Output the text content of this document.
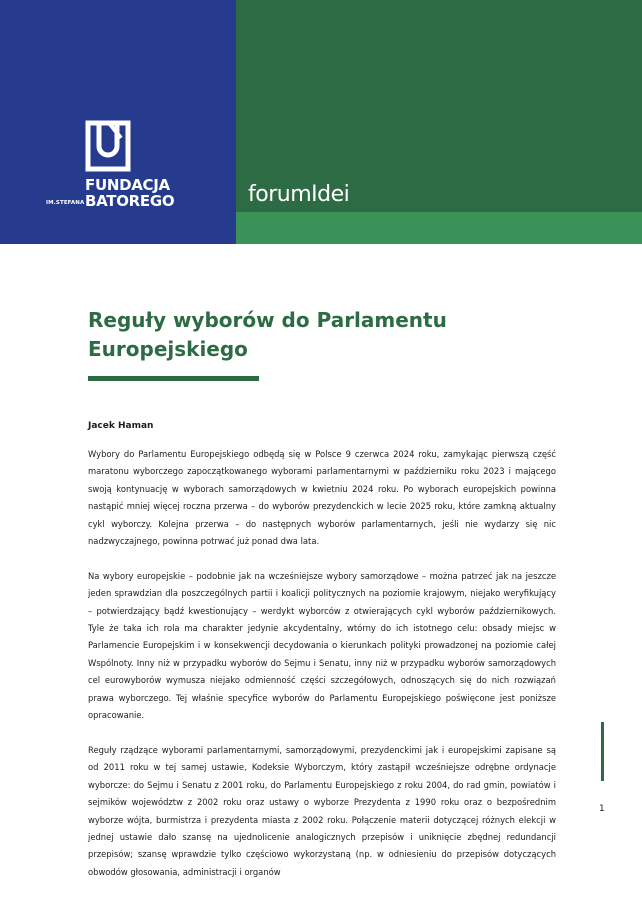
FUNDACJA
IM.STEFANA BATOREGO	forumIdei
Reguły wyborów do Parlamentu Europejskiego
Jacek Haman

Wybory do Parlamentu Europejskiego odbędą się w Polsce 9 czerwca 2024 roku, zamykając pierwszą część maratonu wyborczego zapoczątkowanego wyborami parlamentarnymi w październiku roku 2023 i mającego swoją kontynuację w wyborach samorządowych w kwietniu 2024 roku. Po wyborach europejskich powinna nastąpić mniej więcej roczna przerwa – do wyborów prezydenckich w lecie 2025 roku, które zamkną aktualny cykl wyborczy. Kolejna przerwa – do następnych wyborów parlamentarnych, jeśli nie wydarzy się nic nadzwyczajnego, powinna potrwać już ponad dwa lata.

Na wybory europejskie – podobnie jak na wcześniejsze wybory samorządowe – można patrzeć jak na jeszcze jeden sprawdzian dla poszczególnych partii i koalicji politycznych na poziomie krajowym, niejako weryfikujący – potwierdzający bądź kwestionujący – werdykt wyborców z otwierających cykl wyborów październikowych. Tyle że taka ich rola ma charakter jedynie akcydentalny, wtórny do ich istotnego celu: obsady miejsc w Parlamencie Europejskim i w konsekwencji decydowania o kierunkach polityki prowadzonej na poziomie całej Wspólnoty. Inny niż w przypadku wyborów do Sejmu i Senatu, inny niż w przypadku wyborów samorządowych cel eurowyborów wymusza niejako odmienność części szczegółowych, odnoszących się do nich rozwiązań prawa wyborczego. Tej właśnie specyfice wyborów do Parlamentu Europejskiego poświęcone jest poniższe opracowanie.

Reguły rządzące wyborami parlamentarnymi, samorządowymi, prezydenckimi jak i europejskimi zapisane są od 2011 roku w tej samej ustawie, Kodeksie Wyborczym, który zastąpił wcześniejsze odrębne ordynacje wyborcze: do Sejmu i Senatu z 2001 roku, do Parlamentu Europejskiego z roku 2004, do rad gmin, powiatów i sejmików województw z 2002 roku oraz ustawy o wyborze Prezydenta z 1990 roku oraz o bezpośrednim wyborze wójta, burmistrza i prezydenta miasta z 2002 roku. Połączenie materii dotyczącej różnych elekcji w jednej ustawie dało szansę na ujednolicenie analogicznych przepisów i uniknięcie zbędnej redundancji przepisów; szansę wprawdzie tylko częściowo wykorzystaną (np. w odniesieniu do przepisów dotyczących obwodów głosowania, administracji i organów

1
